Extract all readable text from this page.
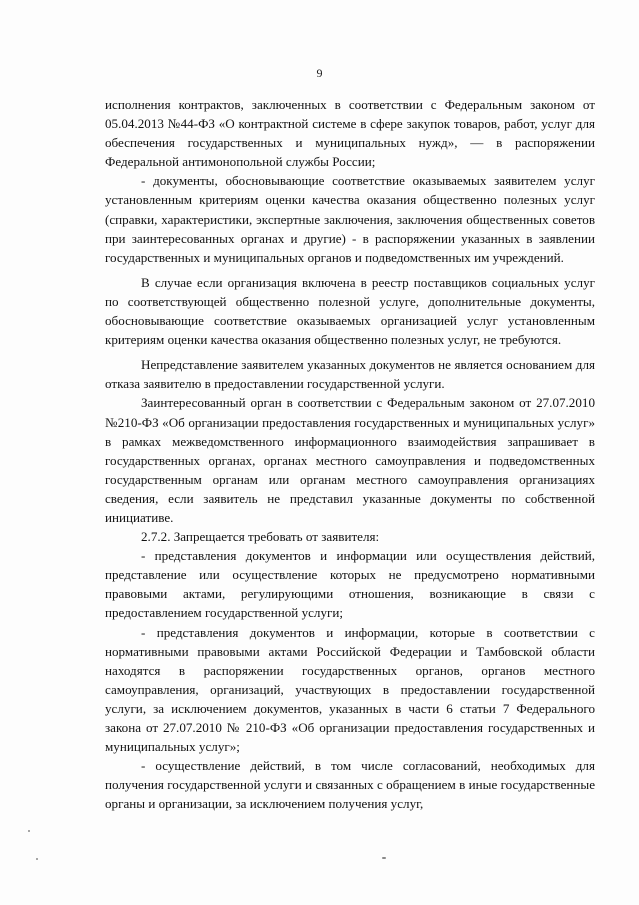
9

исполнения контрактов, заключенных в соответствии с Федеральным законом от 05.04.2013 №44-ФЗ «О контрактной системе в сфере закупок товаров, работ, услуг для обеспечения государственных и муниципальных нужд», — в распоряжении Федеральной антимонопольной службы России;

- документы, обосновывающие соответствие оказываемых заявителем услуг установленным критериям оценки качества оказания общественно полезных услуг (справки, характеристики, экспертные заключения, заключения общественных советов при заинтересованных органах и другие) - в распоряжении указанных в заявлении государственных и муниципальных органов и подведомственных им учреждений.

В случае если организация включена в реестр поставщиков социальных услуг по соответствующей общественно полезной услуге, дополнительные документы, обосновывающие соответствие оказываемых организацией услуг установленным критериям оценки качества оказания общественно полезных услуг, не требуются.

Непредставление заявителем указанных документов не является основанием для отказа заявителю в предоставлении государственной услуги.

Заинтересованный орган в соответствии с Федеральным законом от 27.07.2010 №210-ФЗ «Об организации предоставления государственных и муниципальных услуг» в рамках межведомственного информационного взаимодействия запрашивает в государственных органах, органах местного самоуправления и подведомственных государственным органам или органам местного самоуправления организациях сведения, если заявитель не представил указанные документы по собственной инициативе.

2.7.2. Запрещается требовать от заявителя:

- представления документов и информации или осуществления действий, представление или осуществление которых не предусмотрено нормативными правовыми актами, регулирующими отношения, возникающие в связи с предоставлением государственной услуги;

- представления документов и информации, которые в соответствии с нормативными правовыми актами Российской Федерации и Тамбовской области находятся в распоряжении государственных органов, органов местного самоуправления, организаций, участвующих в предоставлении государственной услуги, за исключением документов, указанных в части 6 статьи 7 Федерального закона от 27.07.2010 № 210-ФЗ «Об организации предоставления государственных и муниципальных услуг»;

- осуществление действий, в том числе согласований, необходимых для получения государственной услуги и связанных с обращением в иные государственные органы и организации, за исключением получения услуг,
